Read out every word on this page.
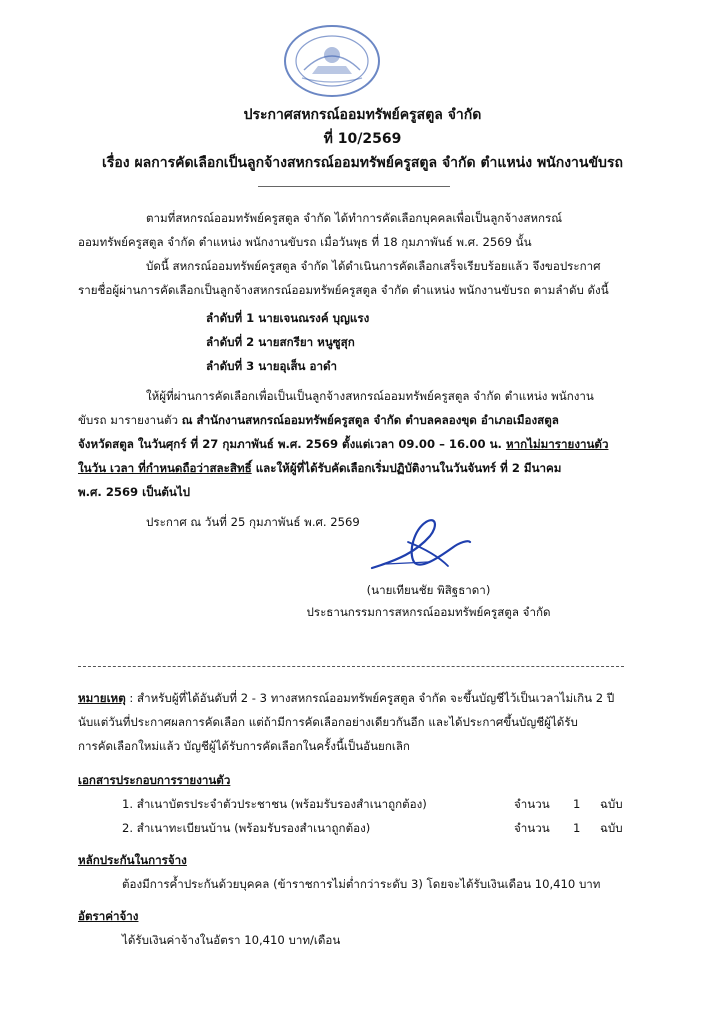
ประกาศสหกรณ์ออมทรัพย์ครูสตูล จำกัด
ที่ 10/2569
เรื่อง ผลการคัดเลือกเป็นลูกจ้างสหกรณ์ออมทรัพย์ครูสตูล จำกัด ตำแหน่ง พนักงานขับรถ
ตามที่สหกรณ์ออมทรัพย์ครูสตูล จำกัด ได้ทำการคัดเลือกบุคคลเพื่อเป็นลูกจ้างสหกรณ์
ออมทรัพย์ครูสตูล จำกัด ตำแหน่ง พนักงานขับรถ เมื่อวันพุธ ที่ 18 กุมภาพันธ์ พ.ศ. 2569 นั้น
บัดนี้ สหกรณ์ออมทรัพย์ครูสตูล จำกัด ได้ดำเนินการคัดเลือกเสร็จเรียบร้อยแล้ว จึงขอประกาศ
รายชื่อผู้ผ่านการคัดเลือกเป็นลูกจ้างสหกรณ์ออมทรัพย์ครูสตูล จำกัด ตำแหน่ง พนักงานขับรถ ตามลำดับ ดังนี้
ลำดับที่ 1 นายเจนณรงค์ บุญแรง
ลำดับที่ 2 นายสกรียา หนูซูสุก
ลำดับที่ 3 นายอุเส็น อาดำ
ให้ผู้ที่ผ่านการคัดเลือกเพื่อเป็นเป็นลูกจ้างสหกรณ์ออมทรัพย์ครูสตูล จำกัด ตำแหน่ง พนักงาน
ขับรถ มารายงานตัว ณ สำนักงานสหกรณ์ออมทรัพย์ครูสตูล จำกัด ตำบลคลองขุด อำเภอเมืองสตูล
จังหวัดสตูล ในวันศุกร์ ที่ 27 กุมภาพันธ์ พ.ศ. 2569 ตั้งแต่เวลา 09.00 – 16.00 น. หากไม่มารายงานตัว
ในวัน เวลา ที่กำหนดถือว่าสละสิทธิ์ และให้ผู้ที่ได้รับคัดเลือกเริ่มปฏิบัติงานในวันจันทร์ ที่ 2 มีนาคม
พ.ศ. 2569 เป็นต้นไป
ประกาศ ณ วันที่ 25 กุมภาพันธ์ พ.ศ. 2569
(นายเทียนชัย พิสิฐธาดา)
ประธานกรรมการสหกรณ์ออมทรัพย์ครูสตูล จำกัด
หมายเหตุ : สำหรับผู้ที่ได้อันดับที่ 2 - 3 ทางสหกรณ์ออมทรัพย์ครูสตูล จำกัด จะขึ้นบัญชีไว้เป็นเวลาไม่เกิน 2 ปี
นับแต่วันที่ประกาศผลการคัดเลือก แต่ถ้ามีการคัดเลือกอย่างเดียวกันอีก และได้ประกาศขึ้นบัญชีผู้ได้รับ
การคัดเลือกใหม่แล้ว บัญชีผู้ได้รับการคัดเลือกในครั้งนี้เป็นอันยกเลิก
เอกสารประกอบการรายงานตัว
1. สำเนาบัตรประจำตัวประชาชน (พร้อมรับรองสำเนาถูกต้อง)	จำนวน 1 ฉบับ
2. สำเนาทะเบียนบ้าน (พร้อมรับรองสำเนาถูกต้อง)	จำนวน 1 ฉบับ
หลักประกันในการจ้าง
ต้องมีการค้ำประกันด้วยบุคคล (ข้าราชการไม่ต่ำกว่าระดับ 3) โดยจะได้รับเงินเดือน 10,410 บาท
อัตราค่าจ้าง
ได้รับเงินค่าจ้างในอัตรา 10,410 บาท/เดือน
